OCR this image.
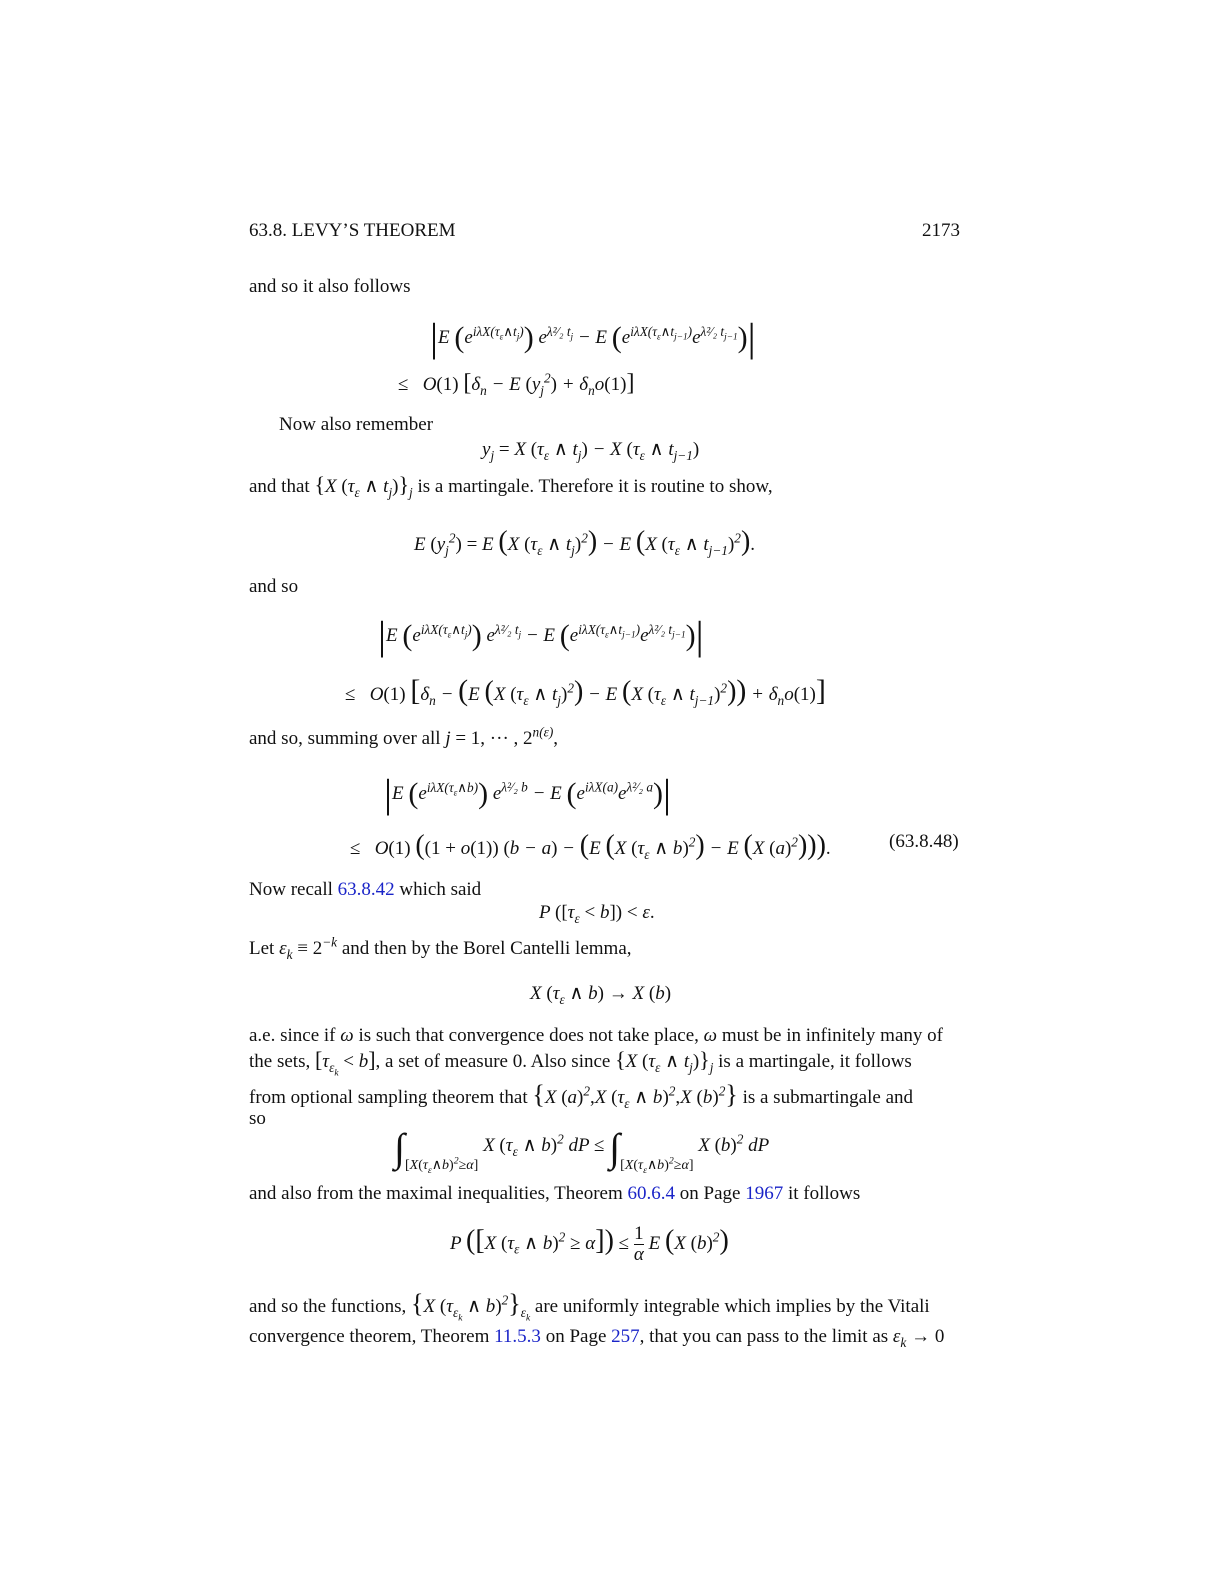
63.8. LEVY’S THEOREM	2173
and so it also follows
|E $(e^{i\lambda X(\tau_\varepsilon\wedge t_j)}) e^{\lambda^2⁄_2 t_j} - E$ $(e^{i\lambda X(\tau_\varepsilon\wedge t_{j-1})}e^{\lambda^2⁄_2 t_{j-1}})|$
≤   O(1) [$\delta_n - E$ $(y_j^2) + \delta_no(1)$]
Now also remember
$y_j = X$ ($\tau_\varepsilon$ ∧ $t_j) - X$ ($\tau_\varepsilon$ ∧ $t_{j-1}$)
and that {X ($\tau_\varepsilon$ ∧ $t_j)\}_j$ is a martingale. Therefore it is routine to show,
E $(y_j^2) = E$ (X ($\tau_\varepsilon$ ∧ $t_j)^2) - E$ (X ($\tau_\varepsilon$ ∧ $t_{j-1})^2$).
and so
|E $(e^{i\lambda X(\tau_\varepsilon\wedge t_j)}) e^{\lambda^2⁄_2 t_j} - E$ $(e^{i\lambda X(\tau_\varepsilon\wedge t_{j-1})}e^{\lambda^2⁄_2 t_{j-1}})|$
≤   O(1) [$\delta_n - (E$ (X ($\tau_\varepsilon$ ∧ $t_j)^2) - E$ (X ($\tau_\varepsilon$ ∧ $t_{j-1})^2)) + \delta_no(1)$]
and so, summing over all j = 1, ··· , $2^{n(\varepsilon)}$,
|E $(e^{i\lambda X(\tau_\varepsilon\wedge b)}) e^{\lambda^2⁄_2 b} - E$ $(e^{i\lambda X(a)}e^{\lambda^2⁄_2 a})|$
≤   O(1) ((1 + o(1)) (b − a) − (E (X ($\tau_\varepsilon$ ∧ b)$^2$) − E (X $(a)^2$))).	(63.8.48)
Now recall 63.8.42 which said
P $([\tau_\varepsilon < b]) < \varepsilon$.
Let $\varepsilon_k \equiv 2^{-k}$ and then by the Borel Cantelli lemma,
X ($\tau_\varepsilon$ ∧ b) → X (b)
a.e. since if ω is such that convergence does not take place, ω must be in infinitely many of
the sets, $[\tau_{\varepsilon_k} < b]$, a set of measure 0. Also since {X ($\tau_\varepsilon$ ∧ $t_j)\}_j$ is a martingale, it follows
from optional sampling theorem that {X $(a)^2,X$ ($\tau_\varepsilon$ ∧ b)$^2$,X $(b)^2$} is a submartingale and
so
$\int_{[X(\tau_\varepsilon\wedge b)^2\ge\alpha]}$ X ($\tau_\varepsilon$ ∧ b)$^2$ dP ≤ $\int_{[X(\tau_\varepsilon\wedge b)^2\ge\alpha]}$ X $(b)^2$ dP
and also from the maximal inequalities, Theorem 60.6.4 on Page 1967 it follows
P ([X ($\tau_\varepsilon$ ∧ $b)^2 \ge \alpha]) \le \frac{1}{\alpha}$ E (X $(b)^2$)
and so the functions, {X ($\tau_{\varepsilon_k}$ ∧ $b)^2\}_{\varepsilon_k}$ are uniformly integrable which implies by the Vitali
convergence theorem, Theorem 11.5.3 on Page 257, that you can pass to the limit as $\varepsilon_k \to 0$
